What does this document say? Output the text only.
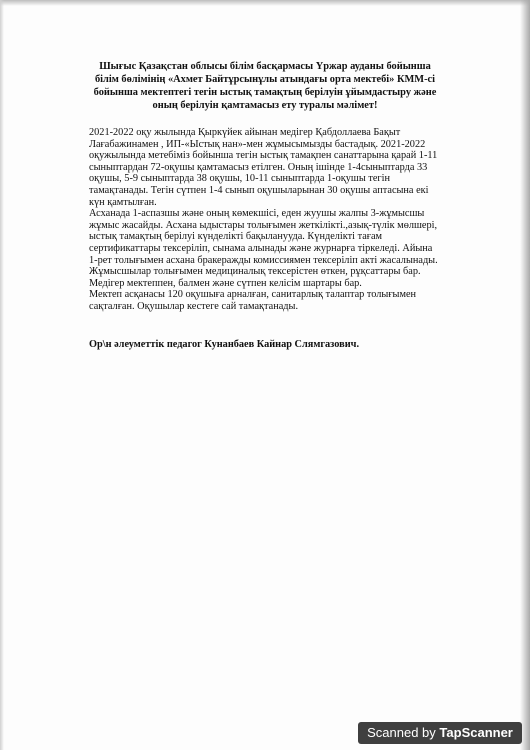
Шығыс Қазақстан облысы білім басқармасы Үржар ауданы бойынша
білім бөлімінің «Ахмет Байтұрсынұлы атындағы орта мектебі» КММ-сі
бойынша мектептегі тегін ыстық тамақтың берілуін ұйымдастыру және
оның берілуін қамтамасыз ету туралы мәлімет!
2021-2022 оқу жылында Қыркүйек айынан медігер Қабдоллаева Бақыт
Лағабажинамен , ИП-«Ыстық нан»-мен жұмысымызды бастадық. 2021-2022
оқужылында метебіміз бойынша тегін ыстық тамақпен санаттарына қарай 1-11
сыныптардан 72-оқушы қамтамасыз етілген. Оның ішінде 1-4сыныптарда 33
оқушы, 5-9 сыныптарда 38 оқушы, 10-11 сыныптарда 1-оқушы тегін
тамақтанады. Тегін сүтпен 1-4 сынып оқушыларынан 30 оқушы аптасына екі
күн қамтылған.
Асханада 1-аспазшы және оның көмекшісі, еден жуушы жалпы 3-жұмысшы
жұмыс жасайды. Асхана ыдыстары толығымен жеткілікті.,азық-түлік мөлшері,
ыстық тамақтың берілуі күнделікті бақыланууда. Күнделікті тағам
сертификаттары тексеріліп, сынама алынады және журнарға тіркеледі. Айына
1-рет толығымен асхана бракеражды комиссиямен тексеріліп акті жасалынады.
Жұмысшылар толығымен медициналық тексерістен өткен, рұқсаттары бар.
Медігер мектеппен, балмен және сүтпен келісім шартары бар.
Мектеп асқанасы 120 оқушыға арналған, санитарлық талаптар толығымен
сақталған. Оқушылар кестеге сай тамақтанады.
Ор\н әлеуметтік педагог Кунанбаев Кайнар Слямгазович.
Scanned by TapScanner
